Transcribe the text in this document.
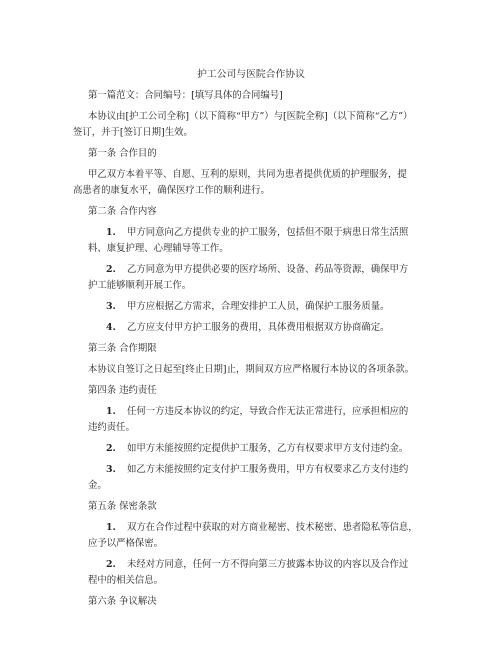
护工公司与医院合作协议
第一篇范文：合同编号：[填写具体的合同编号]
本协议由[护工公司全称]（以下简称“甲方”）与[医院全称]（以下简称“乙方”）
签订，并于[签订日期]生效。
第一条 合作目的
甲乙双方本着平等、自愿、互利的原则，共同为患者提供优质的护理服务，提
高患者的康复水平，确保医疗工作的顺利进行。
第二条 合作内容
1. 甲方同意向乙方提供专业的护工服务，包括但不限于病患日常生活照
料、康复护理、心理辅导等工作。
2. 乙方同意为甲方提供必要的医疗场所、设备、药品等资源，确保甲方
护工能够顺利开展工作。
3. 甲方应根据乙方需求，合理安排护工人员，确保护工服务质量。
4. 乙方应支付甲方护工服务的费用，具体费用根据双方协商确定。
第三条 合作期限
本协议自签订之日起至[终止日期]止，期间双方应严格履行本协议的各项条款。
第四条 违约责任
1. 任何一方违反本协议的约定，导致合作无法正常进行，应承担相应的
违约责任。
2. 如甲方未能按照约定提供护工服务，乙方有权要求甲方支付违约金。
3. 如乙方未能按照约定支付护工服务费用，甲方有权要求乙方支付违约
金。
第五条 保密条款
1. 双方在合作过程中获取的对方商业秘密、技术秘密、患者隐私等信息，
应予以严格保密。
2. 未经对方同意，任何一方不得向第三方披露本协议的内容以及合作过
程中的相关信息。
第六条 争议解决
